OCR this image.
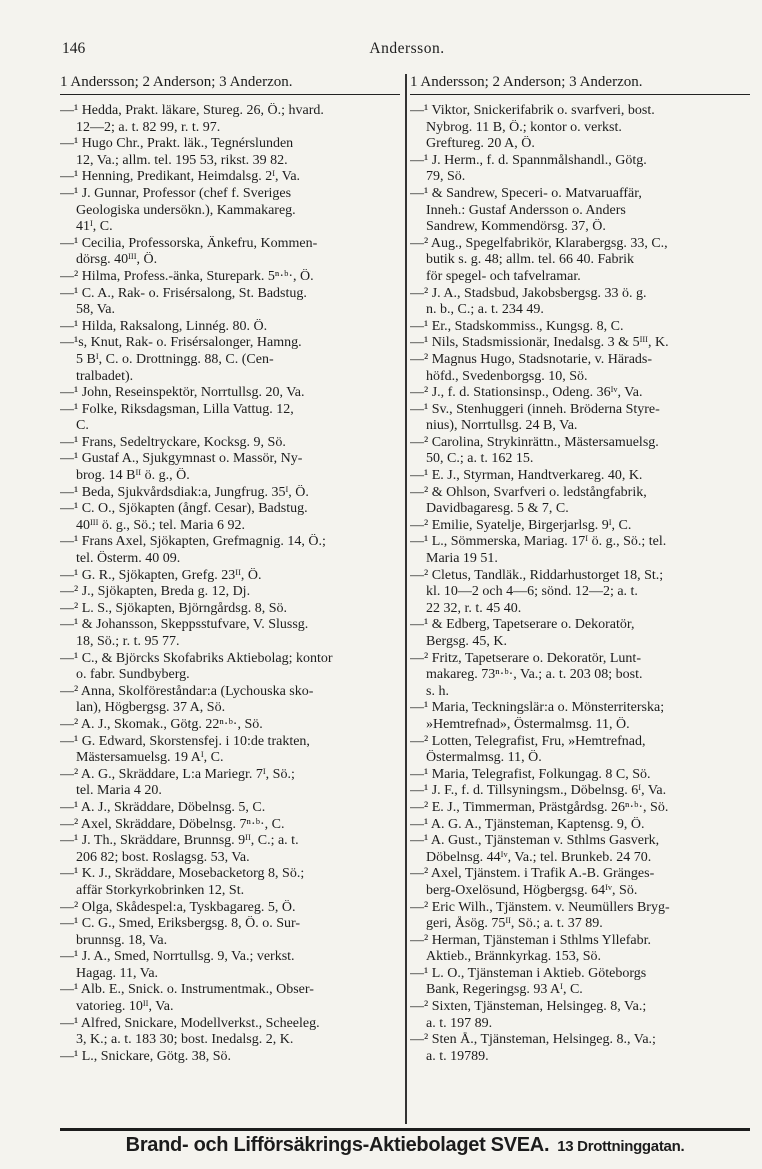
146	Andersson.
1 Andersson; 2 Anderson; 3 Anderzon.	1 Andersson; 2 Anderson; 3 Anderzon.
—¹ Hedda, Prakt. läkare, Stureg. 26, Ö.; hvard.
12—2; a. t. 82 99, r. t. 97.
—¹ Hugo Chr., Prakt. läk., Tegnérslunden
12, Va.; allm. tel. 195 53, rikst. 39 82.
—¹ Henning, Predikant, Heimdalsg. 2ᴵ, Va.
—¹ J. Gunnar, Professor (chef f. Sveriges
Geologiska undersökn.), Kammakareg.
41ᴵ, C.
—¹ Cecilia, Professorska, Änkefru, Kommen-
dörsg. 40ᴵᴵᴵ, Ö.
—² Hilma, Profess.-änka, Sturepark. 5ⁿ·ᵇ·, Ö.
—¹ C. A., Rak- o. Frisérsalong, St. Badstug.
58, Va.
—¹ Hilda, Raksalong, Linnég. 80. Ö.
—¹s, Knut, Rak- o. Frisérsalonger, Hamng.
5 Bᴵ, C. o. Drottningg. 88, C. (Cen-
tralbadet).
—¹ John, Reseinspektör, Norrtullsg. 20, Va.
—¹ Folke, Riksdagsman, Lilla Vattug. 12,
C.
—¹ Frans, Sedeltryckare, Kocksg. 9, Sö.
—¹ Gustaf A., Sjukgymnast o. Massör, Ny-
brog. 14 Bᴵᴵ ö. g., Ö.
—¹ Beda, Sjukvårdsdiak:a, Jungfrug. 35ᴵ, Ö.
—¹ C. O., Sjökapten (ångf. Cesar), Badstug.
40ᴵᴵᴵ ö. g., Sö.; tel. Maria 6 92.
—¹ Frans Axel, Sjökapten, Grefmagnig. 14, Ö.;
tel. Österm. 40 09.
—¹ G. R., Sjökapten, Grefg. 23ᴵᴵ, Ö.
—² J., Sjökapten, Breda g. 12, Dj.
—² L. S., Sjökapten, Björngårdsg. 8, Sö.
—¹ & Johansson, Skeppsstufvare, V. Slussg.
18, Sö.; r. t. 95 77.
—¹ C., & Björcks Skofabriks Aktiebolag; kontor
o. fabr. Sundbyberg.
—² Anna, Skolföreståndar:a (Lychouska sko-
lan), Högbergsg. 37 A, Sö.
—² A. J., Skomak., Götg. 22ⁿ·ᵇ·, Sö.
—¹ G. Edward, Skorstensfej. i 10:de trakten,
Mästersamuelsg. 19 Aᴵ, C.
—² A. G., Skräddare, L:a Mariegr. 7ᴵ, Sö.;
tel. Maria 4 20.
—¹ A. J., Skräddare, Döbelnsg. 5, C.
—² Axel, Skräddare, Döbelnsg. 7ⁿ·ᵇ·, C.
—¹ J. Th., Skräddare, Brunnsg. 9ᴵᴵ, C.; a. t.
206 82; bost. Roslagsg. 53, Va.
—¹ K. J., Skräddare, Mosebacketorg 8, Sö.;
affär Storkyrkobrinken 12, St.
—² Olga, Skådespel:a, Tyskbagareg. 5, Ö.
—¹ C. G., Smed, Eriksbergsg. 8, Ö. o. Sur-
brunnsg. 18, Va.
—¹ J. A., Smed, Norrtullsg. 9, Va.; verkst.
Hagag. 11, Va.
—¹ Alb. E., Snick. o. Instrumentmak., Obser-
vatorieg. 10ᴵᴵ, Va.
—¹ Alfred, Snickare, Modellverkst., Scheeleg.
3, K.; a. t. 183 30; bost. Inedalsg. 2, K.
—¹ L., Snickare, Götg. 38, Sö.
—¹ Viktor, Snickerifabrik o. svarfveri, bost.
Nybrog. 11 B, Ö.; kontor o. verkst.
Greftureg. 20 A, Ö.
—¹ J. Herm., f. d. Spannmålshandl., Götg.
79, Sö.
—¹ & Sandrew, Speceri- o. Matvaruaffär,
Inneh.: Gustaf Andersson o. Anders
Sandrew, Kommendörsg. 37, Ö.
—² Aug., Spegelfabrikör, Klarabergsg. 33, C.,
butik s. g. 48; allm. tel. 66 40. Fabrik
för spegel- och tafvelramar.
—² J. A., Stadsbud, Jakobsbergsg. 33 ö. g.
n. b., C.; a. t. 234 49.
—¹ Er., Stadskommiss., Kungsg. 8, C.
—¹ Nils, Stadsmissionär, Inedalsg. 3 & 5ᴵᴵᴵ, K.
—² Magnus Hugo, Stadsnotarie, v. Härads-
höfd., Svedenborgsg. 10, Sö.
—² J., f. d. Stationsinsp., Odeng. 36ᴵᵛ, Va.
—¹ Sv., Stenhuggeri (inneh. Bröderna Styre-
nius), Norrtullsg. 24 B, Va.
—² Carolina, Strykinrättn., Mästersamuelsg.
50, C.; a. t. 162 15.
—¹ E. J., Styrman, Handtverkareg. 40, K.
—² & Ohlson, Svarfveri o. ledstångfabrik,
Davidbagaresg. 5 & 7, C.
—² Emilie, Syatelje, Birgerjarlsg. 9ᴵ, C.
—¹ L., Sömmerska, Mariag. 17ᴵ ö. g., Sö.; tel.
Maria 19 51.
—² Cletus, Tandläk., Riddarhustorget 18, St.;
kl. 10—2 och 4—6; sönd. 12—2; a. t.
22 32, r. t. 45 40.
—¹ & Edberg, Tapetserare o. Dekoratör,
Bergsg. 45, K.
—² Fritz, Tapetserare o. Dekoratör, Lunt-
makareg. 73ⁿ·ᵇ·, Va.; a. t. 203 08; bost.
s. h.
—¹ Maria, Teckningslär:a o. Mönsterriterska;
»Hemtrefnad», Östermalmsg. 11, Ö.
—² Lotten, Telegrafist, Fru, »Hemtrefnad,
Östermalmsg. 11, Ö.
—¹ Maria, Telegrafist, Folkungag. 8 C, Sö.
—¹ J. F., f. d. Tillsyningsm., Döbelnsg. 6ᴵ, Va.
—² E. J., Timmerman, Prästgårdsg. 26ⁿ·ᵇ·, Sö.
—¹ A. G. A., Tjänsteman, Kaptensg. 9, Ö.
—¹ A. Gust., Tjänsteman v. Sthlms Gasverk,
Döbelnsg. 44ᴵᵛ, Va.; tel. Brunkeb. 24 70.
—² Axel, Tjänstem. i Trafik A.-B. Gränges-
berg-Oxelösund, Högbergsg. 64ᴵᵛ, Sö.
—² Eric Wilh., Tjänstem. v. Neumüllers Bryg-
geri, Åsög. 75ᴵᴵ, Sö.; a. t. 37 89.
—² Herman, Tjänsteman i Sthlms Yllefabr.
Aktieb., Brännkyrkag. 153, Sö.
—¹ L. O., Tjänsteman i Aktieb. Göteborgs
Bank, Regeringsg. 93 Aᴵ, C.
—² Sixten, Tjänsteman, Helsingeg. 8, Va.;
a. t. 197 89.
—² Sten Å., Tjänsteman, Helsingeg. 8., Va.;
a. t. 19789.
Brand- och Lifförsäkrings-Aktiebolaget SVEA. 13 Drottninggatan.
